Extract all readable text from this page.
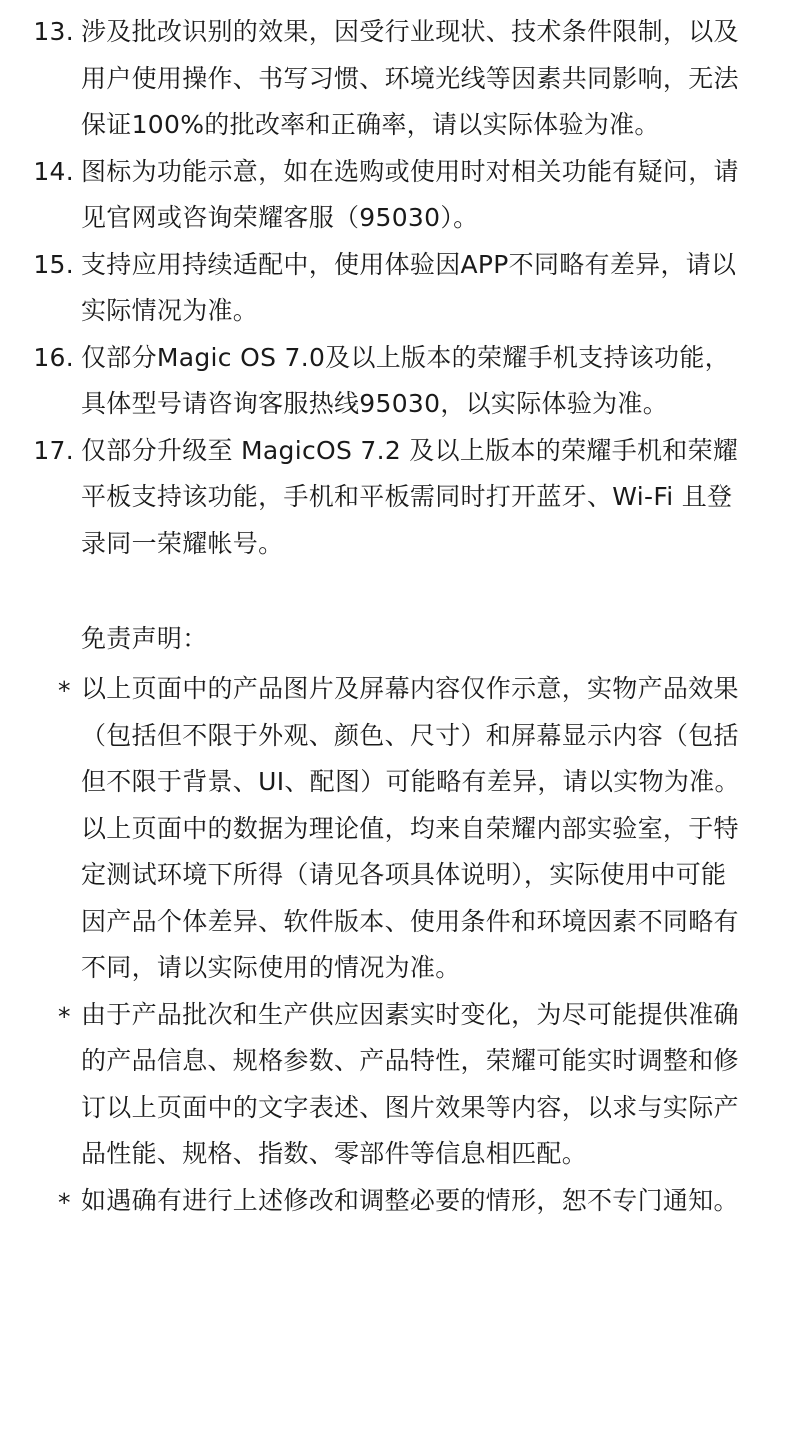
13. 涉及批改识别的效果，因受行业现状、技术条件限制，以及用户使用操作、书写习惯、环境光线等因素共同影响，无法保证100%的批改率和正确率，请以实际体验为准。
14. 图标为功能示意，如在选购或使用时对相关功能有疑问，请见官网或咨询荣耀客服（95030）。
15. 支持应用持续适配中，使用体验因APP不同略有差异，请以实际情况为准。
16. 仅部分Magic OS 7.0及以上版本的荣耀手机支持该功能，具体型号请咨询客服热线95030，以实际体验为准。
17. 仅部分升级至 MagicOS 7.2 及以上版本的荣耀手机和荣耀平板支持该功能，手机和平板需同时打开蓝牙、Wi-Fi 且登录同一荣耀帐号。
免责声明：
* 以上页面中的产品图片及屏幕内容仅作示意，实物产品效果（包括但不限于外观、颜色、尺寸）和屏幕显示内容（包括但不限于背景、UI、配图）可能略有差异，请以实物为准。
以上页面中的数据为理论值，均来自荣耀内部实验室，于特定测试环境下所得（请见各项具体说明），实际使用中可能因产品个体差异、软件版本、使用条件和环境因素不同略有不同，请以实际使用的情况为准。
* 由于产品批次和生产供应因素实时变化，为尽可能提供准确的产品信息、规格参数、产品特性，荣耀可能实时调整和修订以上页面中的文字表述、图片效果等内容，以求与实际产品性能、规格、指数、零部件等信息相匹配。
* 如遇确有进行上述修改和调整必要的情形，恕不专门通知。
